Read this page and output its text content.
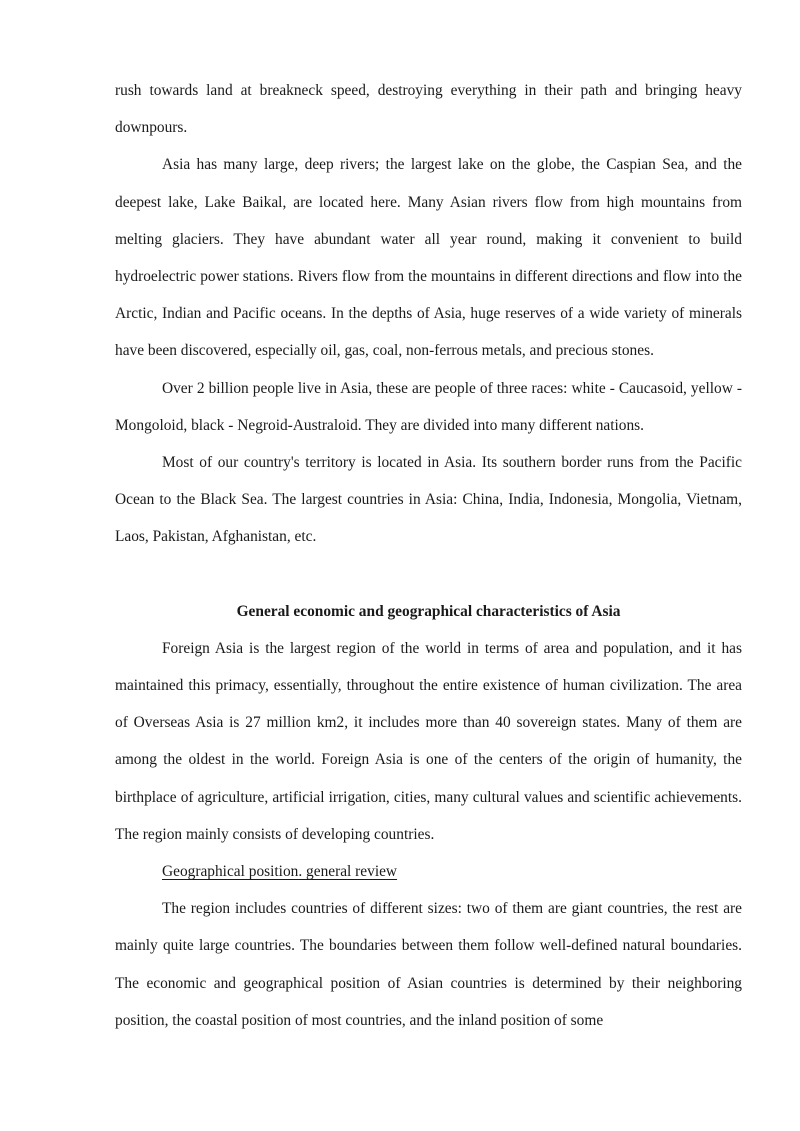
rush towards land at breakneck speed, destroying everything in their path and bringing heavy downpours.

Asia has many large, deep rivers; the largest lake on the globe, the Caspian Sea, and the deepest lake, Lake Baikal, are located here. Many Asian rivers flow from high mountains from melting glaciers. They have abundant water all year round, making it convenient to build hydroelectric power stations. Rivers flow from the mountains in different directions and flow into the Arctic, Indian and Pacific oceans. In the depths of Asia, huge reserves of a wide variety of minerals have been discovered, especially oil, gas, coal, non-ferrous metals, and precious stones.

Over 2 billion people live in Asia, these are people of three races: white - Caucasoid, yellow - Mongoloid, black - Negroid-Australoid. They are divided into many different nations.

Most of our country's territory is located in Asia. Its southern border runs from the Pacific Ocean to the Black Sea. The largest countries in Asia: China, India, Indonesia, Mongolia, Vietnam, Laos, Pakistan, Afghanistan, etc.

General economic and geographical characteristics of Asia

Foreign Asia is the largest region of the world in terms of area and population, and it has maintained this primacy, essentially, throughout the entire existence of human civilization. The area of Overseas Asia is 27 million km2, it includes more than 40 sovereign states. Many of them are among the oldest in the world. Foreign Asia is one of the centers of the origin of humanity, the birthplace of agriculture, artificial irrigation, cities, many cultural values and scientific achievements. The region mainly consists of developing countries.

Geographical position. general review

The region includes countries of different sizes: two of them are giant countries, the rest are mainly quite large countries. The boundaries between them follow well-defined natural boundaries. The economic and geographical position of Asian countries is determined by their neighboring position, the coastal position of most countries, and the inland position of some
